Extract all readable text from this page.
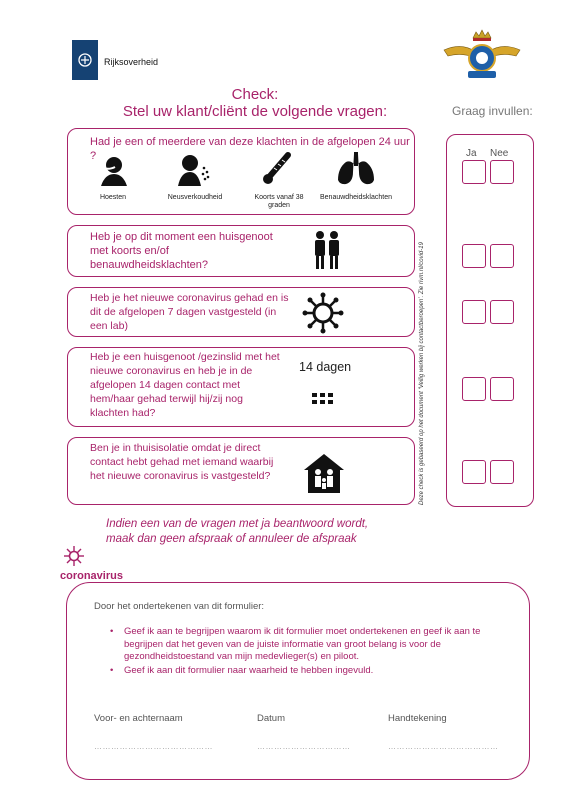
Rijksoverheid
Check:
Stel uw klant/cliënt de volgende vragen:	Graag invullen:
Had je een of meerdere van deze klachten in de afgelopen 24 uur ?
Hoesten	Neusverkoudheid	Koorts vanaf 38 graden
Benauwdheidsklachten
Heb je op dit moment een huisgenoot met koorts en/of benauwdheidsklachten?
Heb je het nieuwe coronavirus gehad en is dit de afgelopen 7 dagen vastgesteld (in een lab)
Heb je een huisgenoot /gezinslid met het nieuwe coronavirus en heb je in de afgelopen 14 dagen contact met hem/haar gehad terwijl hij/zij nog klachten had?
14 dagen
Ben je in thuisisolatie omdat je direct contact hebt gehad met iemand waarbij het nieuwe coronavirus is vastgesteld?
Ja Nee
Deze check is gebaseerd op het document ‘Veilig werken bij contactberoepen’. Zie rivm.nl/covid-19
Indien een van de vragen met ja beantwoord wordt,
maak dan geen afspraak of annuleer de afspraak
coronavirus
Door het ondertekenen van dit formulier:
• Geef ik aan te begrijpen waarom ik dit formulier moet ondertekenen en geef ik aan te begrijpen dat het geven van de juiste informatie van groot belang is voor de gezondheidstoestand van mijn medevlieger(s) en piloot.
• Geef ik aan dit formulier naar waarheid te hebben ingevuld.
Voor- en achternaam	Datum	Handtekening
……………………………………	……………………………	…………………………………
